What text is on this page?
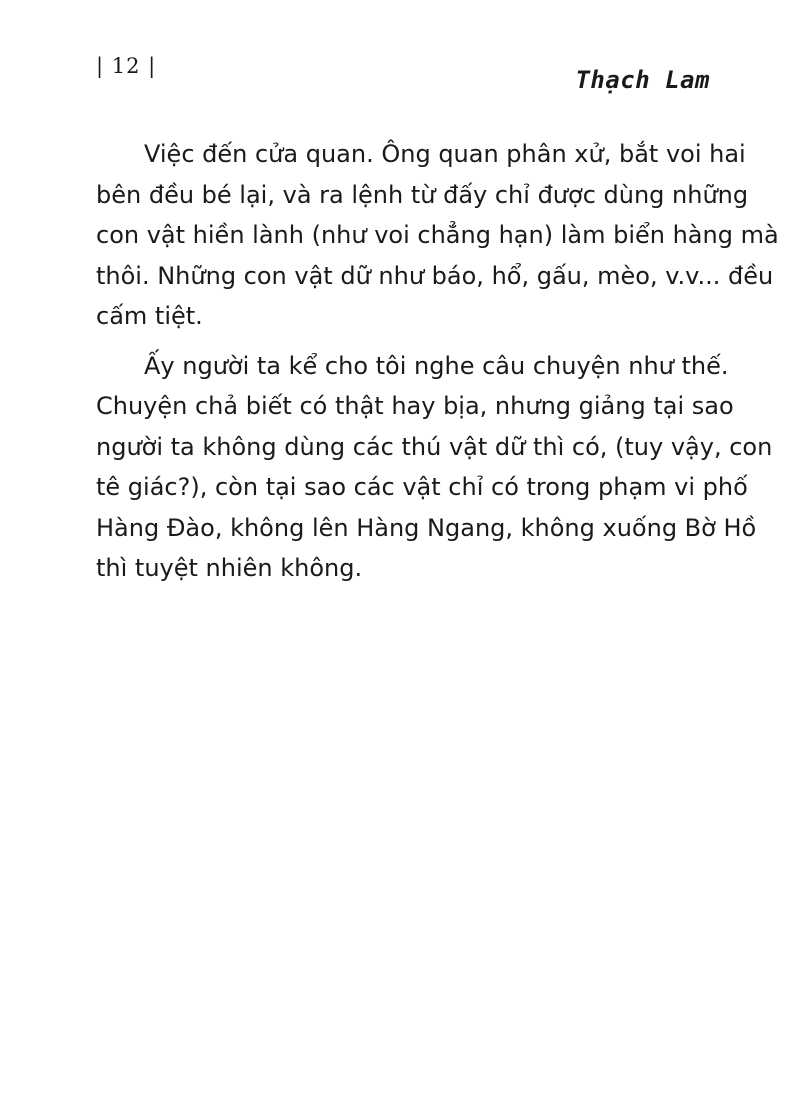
| 12 |	Thạch Lam
Việc đến cửa quan. Ông quan phân xử, bắt voi hai
bên đều bé lại, và ra lệnh từ đấy chỉ được dùng những
con vật hiền lành (như voi chẳng hạn) làm biển hàng mà
thôi. Những con vật dữ như báo, hổ, gấu, mèo, v.v... đều
cấm tiệt.
Ấy người ta kể cho tôi nghe câu chuyện như thế.
Chuyện chả biết có thật hay bịa, nhưng giảng tại sao
người ta không dùng các thú vật dữ thì có, (tuy vậy, con
tê giác?), còn tại sao các vật chỉ có trong phạm vi phố
Hàng Đào, không lên Hàng Ngang, không xuống Bờ Hồ
thì tuyệt nhiên không.
